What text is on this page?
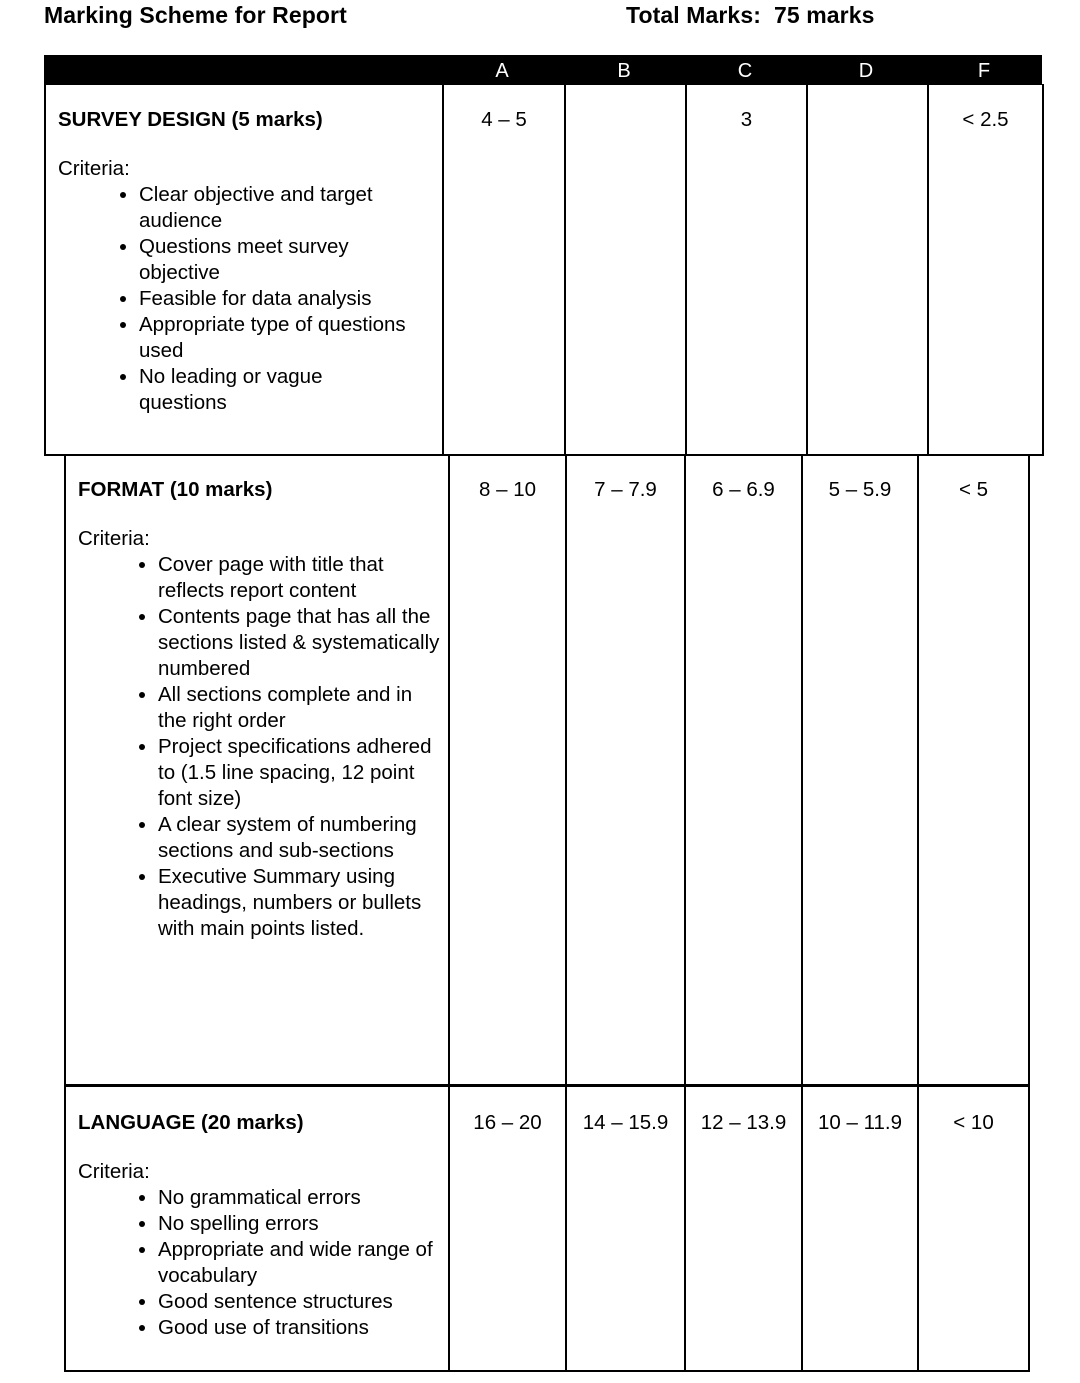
Marking Scheme for Report	Total Marks: 75 marks
A	B	C	D	F
SURVEY DESIGN (5 marks)
Criteria:
• Clear objective and target audience
• Questions meet survey objective
• Feasible for data analysis
• Appropriate type of questions used
• No leading or vague questions
	4 – 5		3		< 2.5
FORMAT (10 marks)
Criteria:
• Cover page with title that reflects report content
• Contents page that has all the sections listed & systematically numbered
• All sections complete and in the right order
• Project specifications adhered to (1.5 line spacing, 12 point font size)
• A clear system of numbering sections and sub-sections
• Executive Summary using headings, numbers or bullets with main points listed.
	8 – 10	7 – 7.9	6 – 6.9	5 – 5.9	< 5
LANGUAGE (20 marks)
Criteria:
• No grammatical errors
• No spelling errors
• Appropriate and wide range of vocabulary
• Good sentence structures
• Good use of transitions
	16 – 20	14 – 15.9	12 – 13.9	10 – 11.9	< 10
